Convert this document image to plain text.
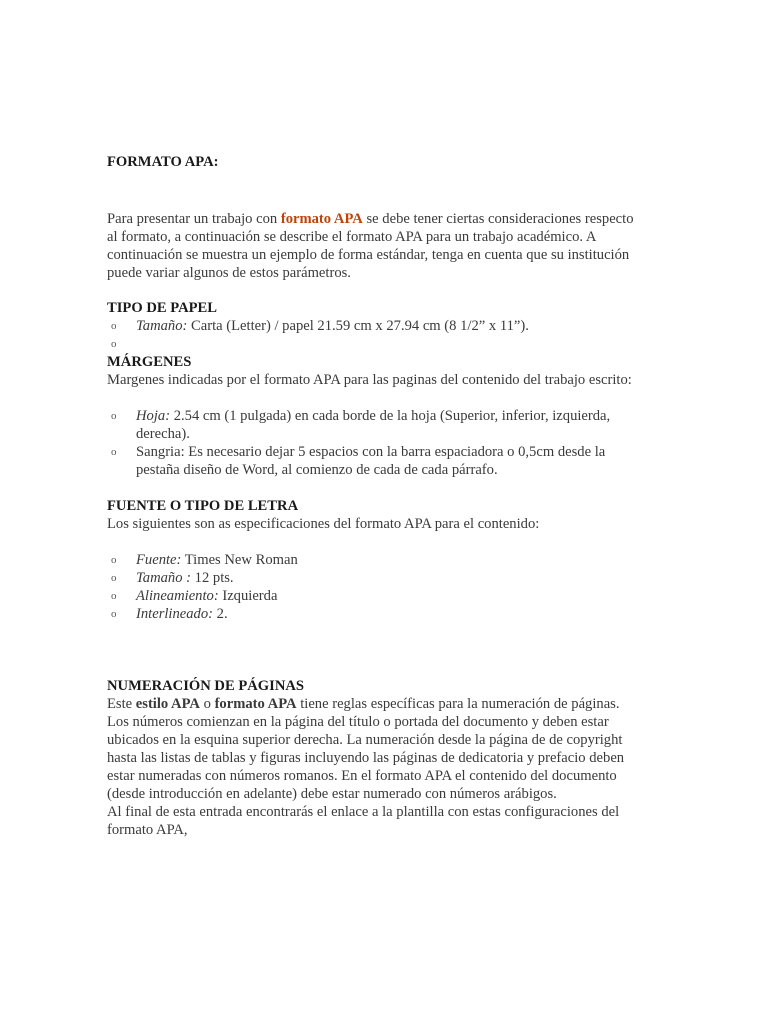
FORMATO APA:
Para presentar un trabajo con formato APA se debe tener ciertas consideraciones respecto
al formato, a continuación se describe el formato APA para un trabajo académico. A
continuación se muestra un ejemplo de forma estándar, tenga en cuenta que su institución
puede variar algunos de estos parámetros.
TIPO DE PAPEL
o Tamaño: Carta (Letter) / papel 21.59 cm x 27.94 cm (8 1/2” x 11”).
o

MÁRGENES
Margenes indicadas por el formato APA para las paginas del contenido del trabajo escrito:
o Hoja: 2.54 cm (1 pulgada) en cada borde de la hoja (Superior, inferior, izquierda,
derecha).
o Sangria: Es necesario dejar 5 espacios con la barra espaciadora o 0,5cm desde la
pestaña diseño de Word, al comienzo de cada de cada párrafo.
FUENTE O TIPO DE LETRA
Los siguientes son as especificaciones del formato APA para el contenido:
o Fuente: Times New Roman
o Tamaño : 12 pts.
o Alineamiento: Izquierda
o Interlineado: 2.
NUMERACIÓN DE PÁGINAS
Este estilo APA o formato APA tiene reglas específicas para la numeración de páginas.
Los números comienzan en la página del título o portada del documento y deben estar
ubicados en la esquina superior derecha. La numeración desde la página de de copyright
hasta las listas de tablas y figuras incluyendo las páginas de dedicatoria y prefacio deben
estar numeradas con números romanos. En el formato APA el contenido del documento
(desde introducción en adelante) debe estar numerado con números arábigos.
Al final de esta entrada encontrarás el enlace a la plantilla con estas configuraciones del
formato APA,
